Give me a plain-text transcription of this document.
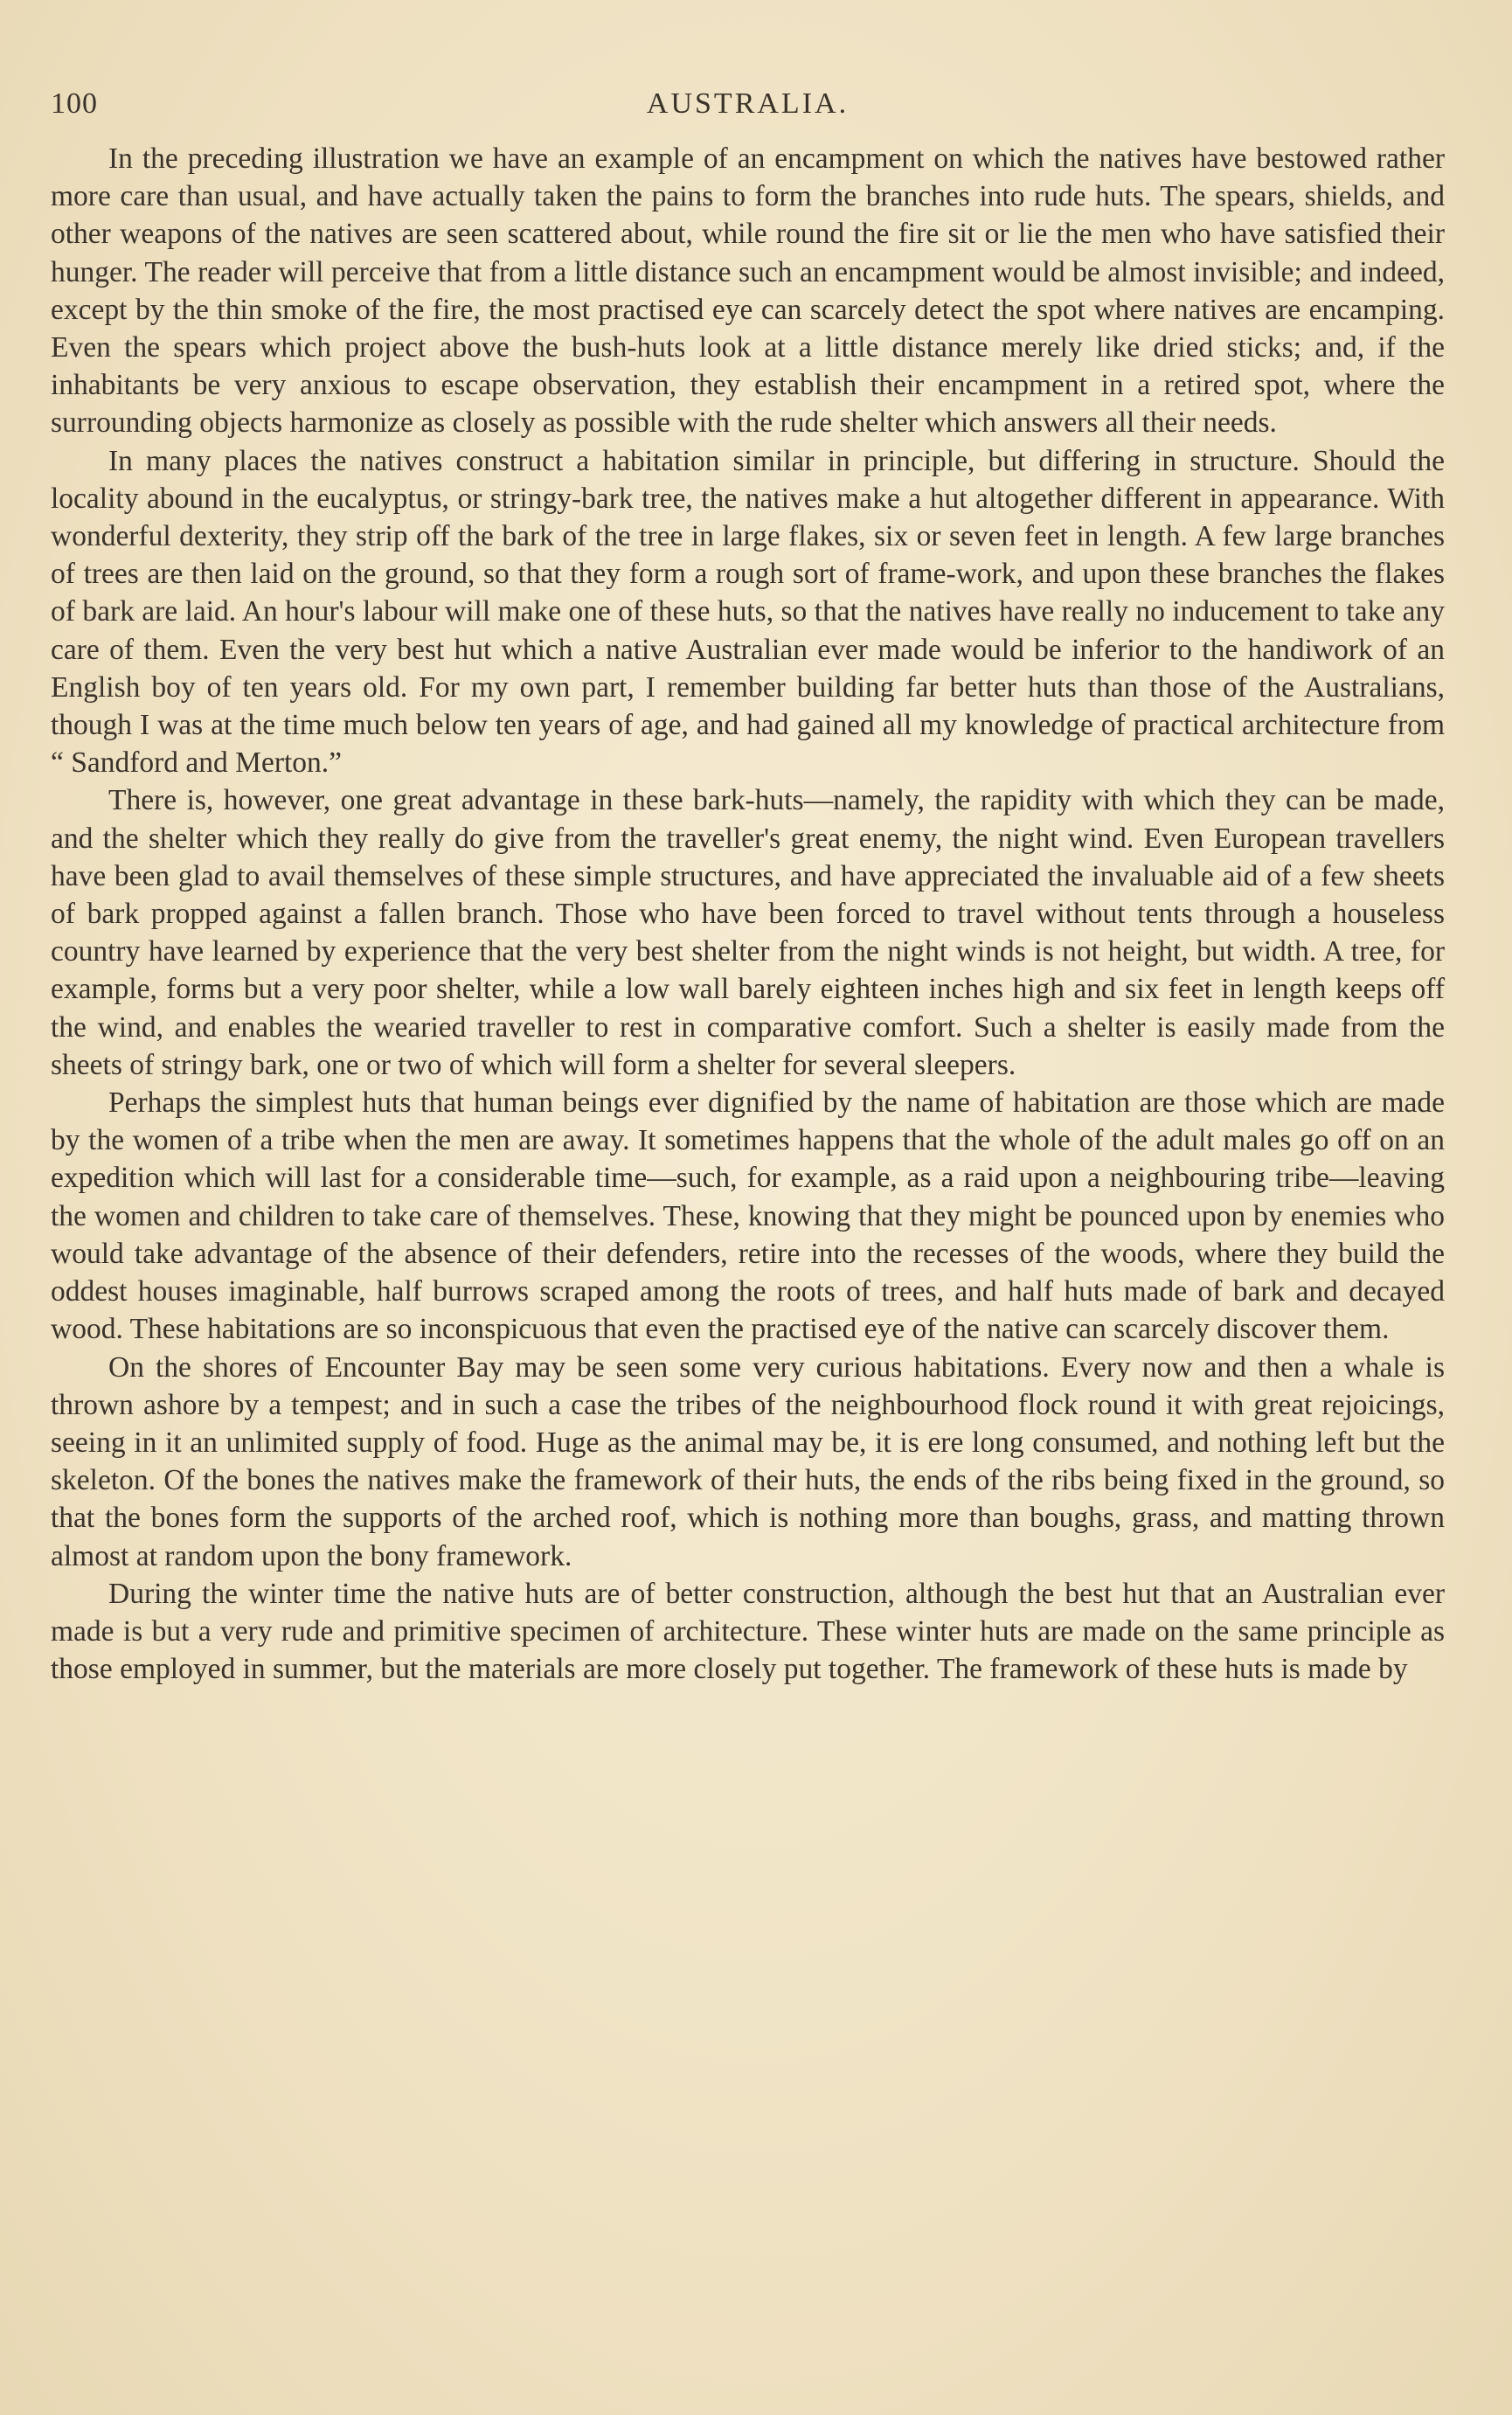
100	AUSTRALIA.

In the preceding illustration we have an example of an encampment on which the natives have bestowed rather more care than usual, and have actually taken the pains to form the branches into rude huts. The spears, shields, and other weapons of the natives are seen scattered about, while round the fire sit or lie the men who have satisfied their hunger. The reader will perceive that from a little distance such an encampment would be almost invisible; and indeed, except by the thin smoke of the fire, the most practised eye can scarcely detect the spot where natives are encamping. Even the spears which project above the bush-huts look at a little distance merely like dried sticks; and, if the inhabitants be very anxious to escape observation, they establish their encampment in a retired spot, where the surrounding objects harmonize as closely as possible with the rude shelter which answers all their needs.

In many places the natives construct a habitation similar in principle, but differing in structure. Should the locality abound in the eucalyptus, or stringy-bark tree, the natives make a hut altogether different in appearance. With wonderful dexterity, they strip off the bark of the tree in large flakes, six or seven feet in length. A few large branches of trees are then laid on the ground, so that they form a rough sort of frame-work, and upon these branches the flakes of bark are laid. An hour's labour will make one of these huts, so that the natives have really no inducement to take any care of them. Even the very best hut which a native Australian ever made would be inferior to the handiwork of an English boy of ten years old. For my own part, I remember building far better huts than those of the Australians, though I was at the time much below ten years of age, and had gained all my knowledge of practical architecture from “ Sandford and Merton.”

There is, however, one great advantage in these bark-huts—namely, the rapidity with which they can be made, and the shelter which they really do give from the traveller's great enemy, the night wind. Even European travellers have been glad to avail themselves of these simple structures, and have appreciated the invaluable aid of a few sheets of bark propped against a fallen branch. Those who have been forced to travel without tents through a houseless country have learned by experience that the very best shelter from the night winds is not height, but width. A tree, for example, forms but a very poor shelter, while a low wall barely eighteen inches high and six feet in length keeps off the wind, and enables the wearied traveller to rest in comparative comfort. Such a shelter is easily made from the sheets of stringy bark, one or two of which will form a shelter for several sleepers.

Perhaps the simplest huts that human beings ever dignified by the name of habitation are those which are made by the women of a tribe when the men are away. It sometimes happens that the whole of the adult males go off on an expedition which will last for a considerable time—such, for example, as a raid upon a neighbouring tribe—leaving the women and children to take care of themselves. These, knowing that they might be pounced upon by enemies who would take advantage of the absence of their defenders, retire into the recesses of the woods, where they build the oddest houses imaginable, half burrows scraped among the roots of trees, and half huts made of bark and decayed wood. These habitations are so inconspicuous that even the practised eye of the native can scarcely discover them.

On the shores of Encounter Bay may be seen some very curious habitations. Every now and then a whale is thrown ashore by a tempest; and in such a case the tribes of the neighbourhood flock round it with great rejoicings, seeing in it an unlimited supply of food. Huge as the animal may be, it is ere long consumed, and nothing left but the skeleton. Of the bones the natives make the framework of their huts, the ends of the ribs being fixed in the ground, so that the bones form the supports of the arched roof, which is nothing more than boughs, grass, and matting thrown almost at random upon the bony framework.

During the winter time the native huts are of better construction, although the best hut that an Australian ever made is but a very rude and primitive specimen of architecture. These winter huts are made on the same principle as those employed in summer, but the materials are more closely put together. The framework of these huts is made by
